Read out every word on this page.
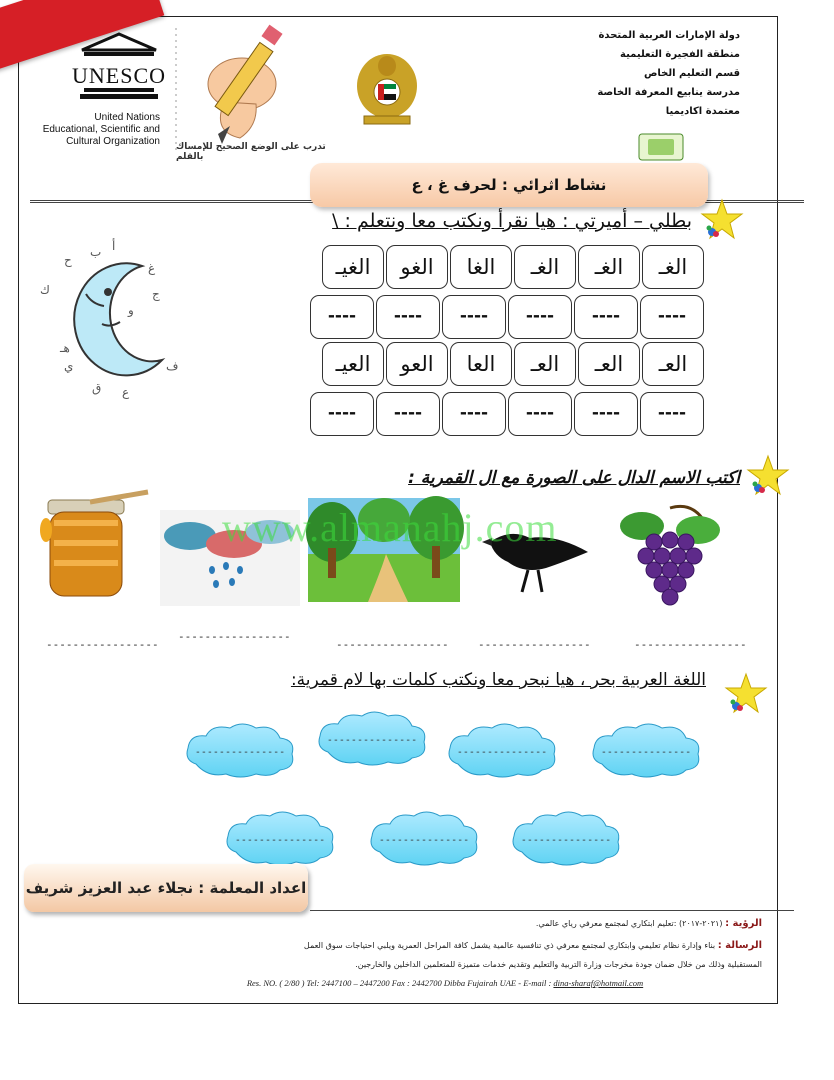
UNESCO
United Nations
Educational, Scientific and
Cultural Organization تدرب على الوضع الصحيح للإمساك بالقلم
دولة الإمارات العربية المتحدة
منطقة الفجيرة التعليمية
قسم التعليم الخاص
مدرسة ينابيع المعرفة الخاصة
معتمدة اكاديميا
نشاط اثرائي : لحرف غ ، ع
بطلي – أميرتي : هيا نقرأ ونكتب معا ونتعلم : \
أ
ب
ح
ك
غ
ج
و
هـ
ي
ق ع
ف
الغـ
الغـ
الغـ
الغا
الغو
الغيـ
----
----
----
----
----
----
العـ
العـ
العـ
العا
العو
العيـ
----
----
----
----
----
----
اكتب الاسم الدال على الصورة مع ال القمرية :
www.almanahj.com
-----------------
-----------------
-----------------
-----------------
-----------------
اللغة العربية بحر ، هيا نبحر معا ونكتب كلمات بها لام قمرية:
---------------
---------------
---------------
---------------
---------------
---------------
---------------
اعداد المعلمة : نجلاء عبد العزيز شريف
الرؤية : (٢٠٢١-٢٠١٧) :تعليم ابتكاري لمجتمع معرفي رياي عالمي.
الرسالة : بناء وإدارة نظام تعليمي وابتكاري لمجتمع معرفي ذي تنافسية عالمية يشمل كافة المراحل العمرية ويلبي احتياجات سوق العمل
المستقبلية وذلك من خلال ضمان جودة مخرجات وزارة التربية والتعليم وتقديم خدمات متميزة للمتعلمين الداخلين والخارجين.
Res. NO. ( 2/80 ) Tel: 2447100 – 2447200 Fax : 2442700 Dibba Fujairah UAE - E-mail : dina-sharaf@hotmail.com
